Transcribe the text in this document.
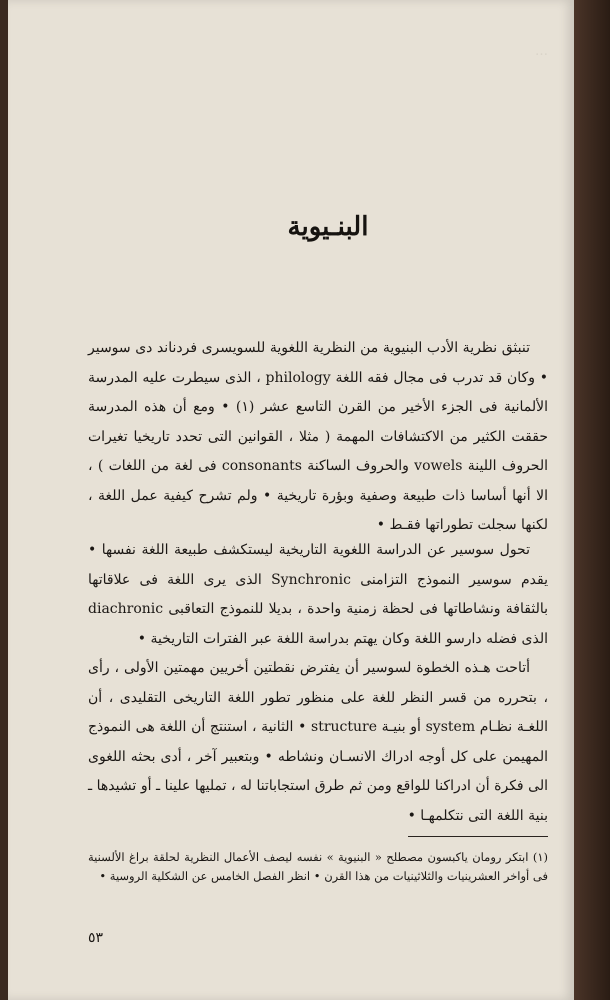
…
البنـيوية

تنبثق نظرية الأدب البنيوية من النظرية اللغوية للسويسرى فردناند دى سوسير • وكان قد تدرب فى مجال فقه اللغة philology ، الذى سيطرت عليه المدرسة الألمانية فى الجزء الأخير من القرن التاسع عشر (١) • ومع أن هذه المدرسة حققت الكثير من الاكتشافات المهمة ( مثلا ، القوانين التى تحدد تاريخيا تغيرات الحروف اللينة vowels والحروف الساكنة consonants فى لغة من اللغات ) ، الا أنها أساسا ذات طبيعة وصفية وبؤرة تاريخية • ولم تشرح كيفية عمل اللغة ، لكنها سجلت تطوراتها فقـط •

تحول سوسير عن الدراسة اللغوية التاريخية ليستكشف طبيعة اللغة نفسها • يقدم سوسير النموذج التزامنى Synchronic الذى يرى اللغة فى علاقاتها بالثقافة ونشاطاتها فى لحظة زمنية واحدة ، بديلا للنموذج التعاقبى diachronic الذى فضله دارسو اللغة وكان يهتم بدراسة اللغة عبر الفترات التاريخية •

أتاحت هـذه الخطوة لسوسير أن يفترض نقطتين أخريين مهمتين الأولى ، رأى ، بتحرره من قسر النظر للغة على منظور تطور اللغة التاريخى التقليدى ، أن اللغـة نظـام system أو بنيـة structure • الثانية ، استنتج أن اللغة هى النموذج المهيمن على كل أوجه ادراك الانسـان ونشاطه • وبتعبير آخر ، أدى بحثه اللغوى الى فكرة أن ادراكنا للواقع ومن ثم طرق استجاباتنا له ، تمليها علينا ـ أو تشيدها ـ بنية اللغة التى نتكلمهـا •

(١) ابتكر رومان ياكبسون مصطلح « البنيوية » نفسه ليصف الأعمال النظرية لحلقة براغ الألسنية فى أواخر العشرينيات والثلاثينيات من هذا القرن • انظر الفصل الخامس عن الشكلية الروسية •
٥٣
